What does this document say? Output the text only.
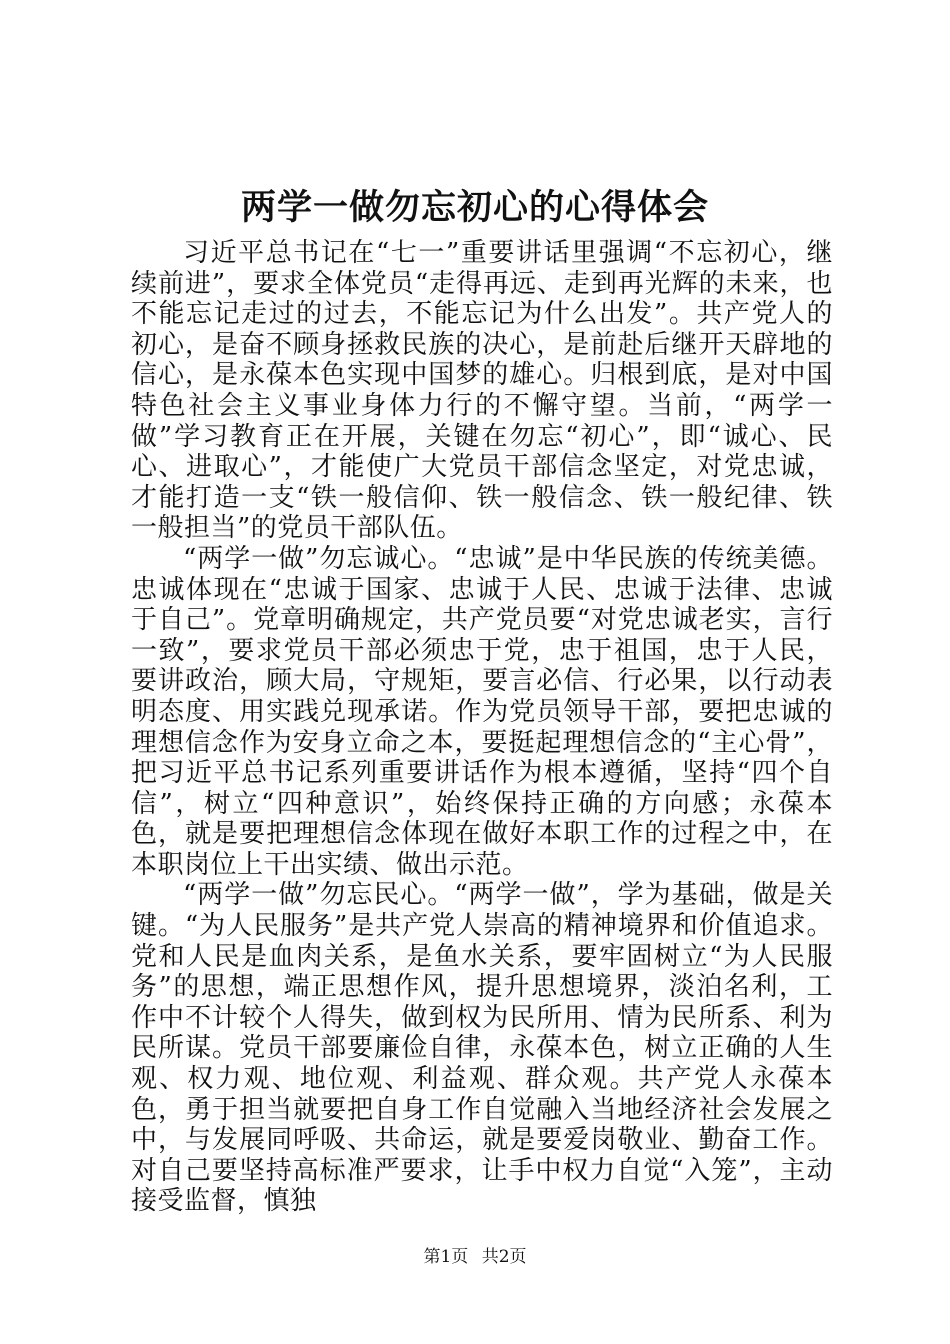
两学一做勿忘初心的心得体会

习近平总书记在“七一”重要讲话里强调“不忘初心，继续前进”，要求全体党员“走得再远、走到再光辉的未来，也不能忘记走过的过去，不能忘记为什么出发”。共产党人的初心，是奋不顾身拯救民族的决心，是前赴后继开天辟地的信心，是永葆本色实现中国梦的雄心。归根到底，是对中国特色社会主义事业身体力行的不懈守望。当前，“两学一做”学习教育正在开展，关键在勿忘“初心”，即“诚心、民心、进取心”，才能使广大党员干部信念坚定，对党忠诚，才能打造一支“铁一般信仰、铁一般信念、铁一般纪律、铁一般担当”的党员干部队伍。

“两学一做”勿忘诚心。“忠诚”是中华民族的传统美德。忠诚体现在“忠诚于国家、忠诚于人民、忠诚于法律、忠诚于自己”。党章明确规定，共产党员要“对党忠诚老实，言行一致”，要求党员干部必须忠于党，忠于祖国，忠于人民，要讲政治，顾大局，守规矩，要言必信、行必果，以行动表明态度、用实践兑现承诺。作为党员领导干部，要把忠诚的理想信念作为安身立命之本，要挺起理想信念的“主心骨”，把习近平总书记系列重要讲话作为根本遵循，坚持“四个自信”，树立“四种意识”，始终保持正确的方向感；永葆本色，就是要把理想信念体现在做好本职工作的过程之中，在本职岗位上干出实绩、做出示范。

“两学一做”勿忘民心。“两学一做”，学为基础，做是关键。“为人民服务”是共产党人崇高的精神境界和价值追求。党和人民是血肉关系，是鱼水关系，要牢固树立“为人民服务”的思想，端正思想作风，提升思想境界，淡泊名利，工作中不计较个人得失，做到权为民所用、情为民所系、利为民所谋。党员干部要廉俭自律，永葆本色，树立正确的人生观、权力观、地位观、利益观、群众观。共产党人永葆本色，勇于担当就要把自身工作自觉融入当地经济社会发展之中，与发展同呼吸、共命运，就是要爱岗敬业、勤奋工作。对自己要坚持高标准严要求，让手中权力自觉“入笼”，主动接受监督，慎独

第1页 共2页
